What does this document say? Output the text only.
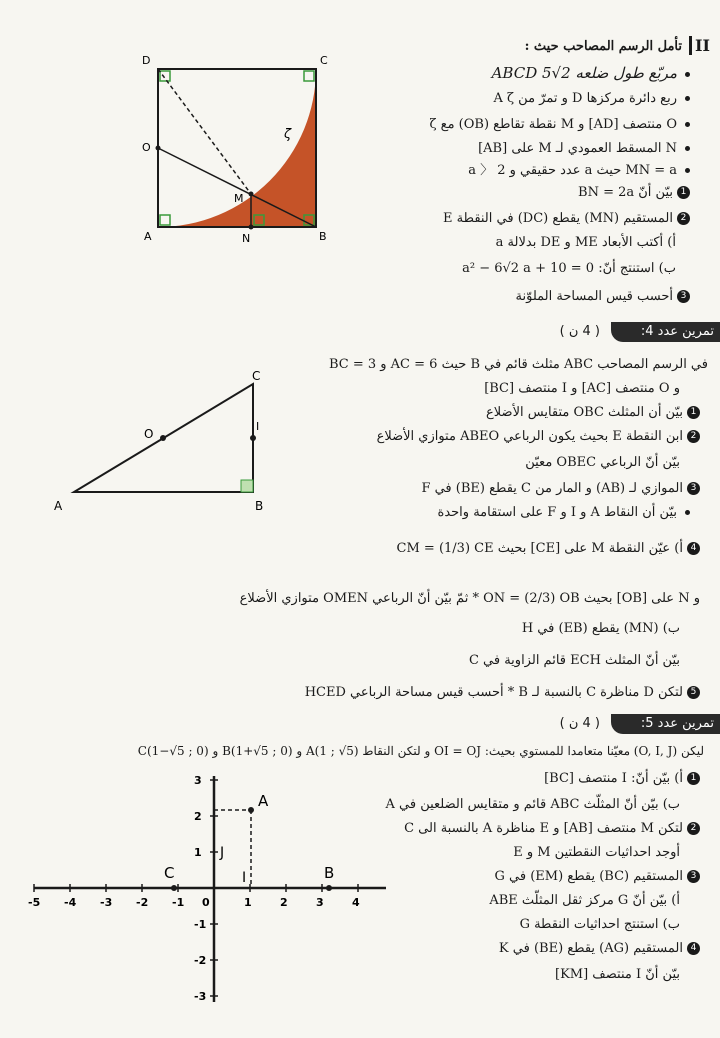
II
D	C
O
M
A	N	B
ζ
تأمل الرسم المصاحب حيث :
مربّع طول ضلعه ABCD 5√2
ربع دائرة مركزها D و تمرّ من A ζ
O منتصف [AD] و M نقطة تقاطع (OB) مع ζ
N المسقط العمودي لـ M على [AB]
MN = a حيث a عدد حقيقي و 2 〈 a
1بيّن أنّ BN = 2a
2المستقيم (MN) يقطع (DC) في النقطة E
أ) أكتب الأبعاد ME و DE بدلالة a
ب) استنتج أنّ: a² − 6√2 a + 10 = 0
3أحسب قيس المساحة الملوّنة
تمرين عدد 4:
( 4 ن )
A	B
C
O
I
في الرسم المصاحب ABC مثلث قائم في B حيث AC = 6 و BC = 3
و O منتصف [AC] و I منتصف [BC]
1بيّن أن المثلث OBC متقايس الأضلاع
2ابن النقطة E بحيث يكون الرباعي ABEO متوازي الأضلاع
بيّن أنّ الرباعي OBEC معيّن
3الموازي لـ (AB) و المار من C يقطع (BE) في F
بيّن أن النقاط A و I و F على استقامة واحدة
4أ) عيّن النقطة M على [CE] بحيث CM = (1/3) CE
و N على [OB] بحيث ON = (2/3) OB * ثمّ بيّن أنّ الرباعي OMEN متوازي الأضلاع
ب) (MN) يقطع (EB) في H
بيّن أنّ المثلث ECH قائم الزاوية في C
5لتكن D مناظرة C بالنسبة لـ B * أحسب قيس مساحة الرباعي HCED
تمرين عدد 5:
( 4 ن )
ليكن (O, I, J) معيّنا متعامدا للمستوي بحيث: OI = OJ و لتكن النقاط A(1 ; √5) و B(1+√5 ; 0) و C(1−√5 ; 0)
1أ) بيّن أنّ: I منتصف [BC]
ب) بيّن أنّ المثلّث ABC قائم و متقايس الضلعين في A
2لتكن M منتصف [AB] و E مناظرة A بالنسبة الى C
أوجد احداثيات النقطتين M و E
3المستقيم (BC) يقطع (EM) في G
أ) بيّن أنّ G مركز ثقل المثلّث ABE
ب) استنتج احداثيات النقطة G
4المستقيم (AG) يقطع (BE) في K
بيّن أنّ I منتصف [KM]
-5 -4 -3 -2 -1 0	1	2	3	4
3
2
1
-1
-2
-3
A
B
C	I
J
